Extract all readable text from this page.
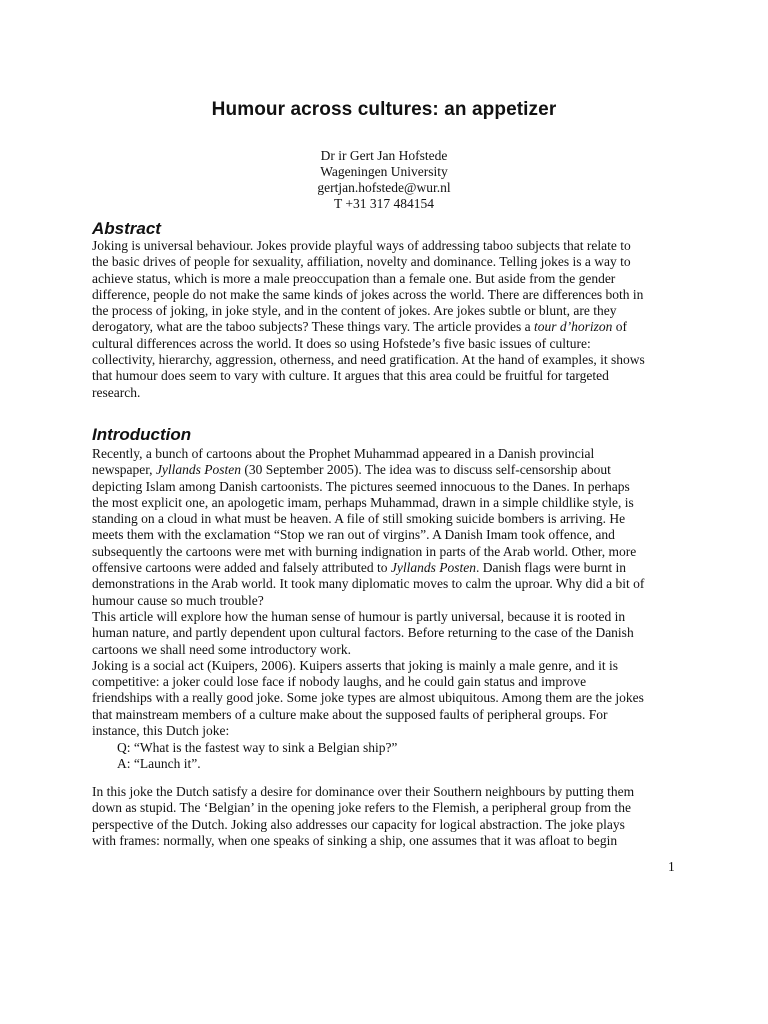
Humour across cultures: an appetizer
Dr ir Gert Jan Hofstede
Wageningen University
gertjan.hofstede@wur.nl
T +31 317 484154
Abstract
Joking is universal behaviour. Jokes provide playful ways of addressing taboo subjects that relate to
the basic drives of people for sexuality, affiliation, novelty and dominance. Telling jokes is a way to
achieve status, which is more a male preoccupation than a female one. But aside from the gender
difference, people do not make the same kinds of jokes across the world. There are differences both in
the process of joking, in joke style, and in the content of jokes. Are jokes subtle or blunt, are they
derogatory, what are the taboo subjects? These things vary. The article provides a tour d’horizon of
cultural differences across the world. It does so using Hofstede’s five basic issues of culture:
collectivity, hierarchy, aggression, otherness, and need gratification. At the hand of examples, it shows
that humour does seem to vary with culture. It argues that this area could be fruitful for targeted
research.
Introduction
Recently, a bunch of cartoons about the Prophet Muhammad appeared in a Danish provincial
newspaper, Jyllands Posten (30 September 2005). The idea was to discuss self-censorship about
depicting Islam among Danish cartoonists. The pictures seemed innocuous to the Danes. In perhaps
the most explicit one, an apologetic imam, perhaps Muhammad, drawn in a simple childlike style, is
standing on a cloud in what must be heaven. A file of still smoking suicide bombers is arriving. He
meets them with the exclamation “Stop we ran out of virgins”. A Danish Imam took offence, and
subsequently the cartoons were met with burning indignation in parts of the Arab world. Other, more
offensive cartoons were added and falsely attributed to Jyllands Posten. Danish flags were burnt in
demonstrations in the Arab world. It took many diplomatic moves to calm the uproar. Why did a bit of
humour cause so much trouble?
This article will explore how the human sense of humour is partly universal, because it is rooted in
human nature, and partly dependent upon cultural factors. Before returning to the case of the Danish
cartoons we shall need some introductory work.
Joking is a social act (Kuipers, 2006). Kuipers asserts that joking is mainly a male genre, and it is
competitive: a joker could lose face if nobody laughs, and he could gain status and improve
friendships with a really good joke. Some joke types are almost ubiquitous. Among them are the jokes
that mainstream members of a culture make about the supposed faults of peripheral groups. For
instance, this Dutch joke:
Q: “What is the fastest way to sink a Belgian ship?”
A: “Launch it”.
In this joke the Dutch satisfy a desire for dominance over their Southern neighbours by putting them
down as stupid. The ‘Belgian’ in the opening joke refers to the Flemish, a peripheral group from the
perspective of the Dutch. Joking also addresses our capacity for logical abstraction. The joke plays
with frames: normally, when one speaks of sinking a ship, one assumes that it was afloat to begin
1
